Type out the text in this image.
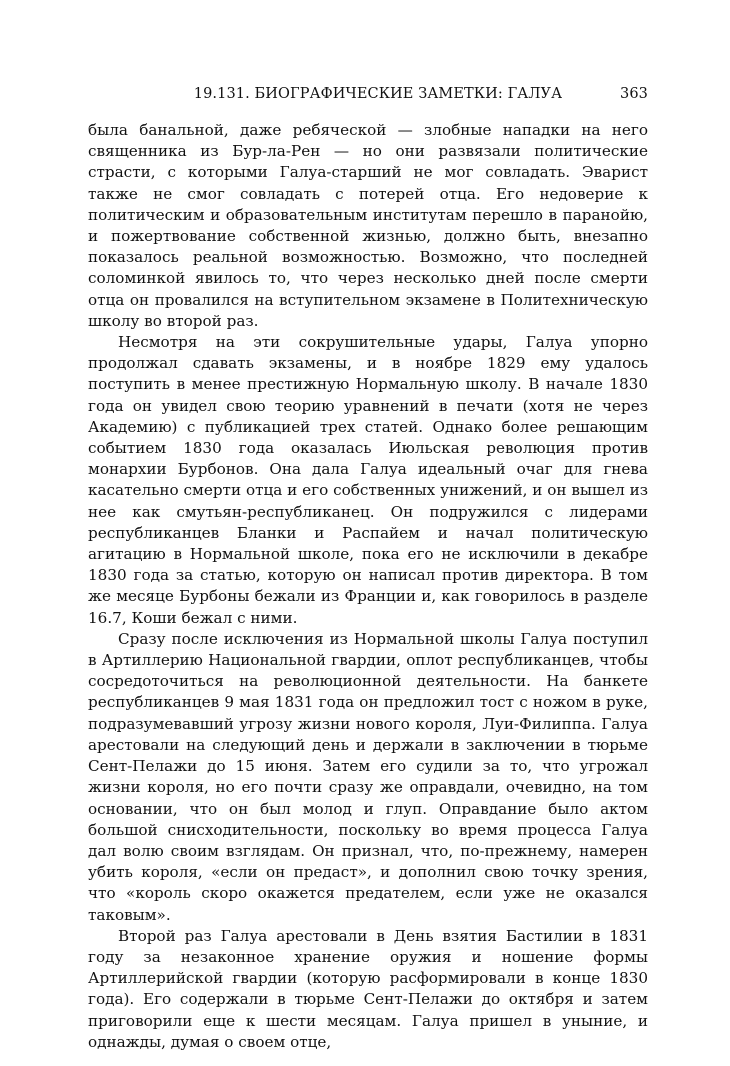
19.131. БИОГРАФИЧЕСКИЕ ЗАМЕТКИ: ГАЛУА	363

была банальной, даже ребяческой — злобные нападки на него священника из Бур-ла-Рен — но они развязали политические страсти, с которыми Галуа-старший не мог совладать. Эварист также не смог совладать с потерей отца. Его недоверие к политическим и образовательным институтам перешло в паранойю, и пожертвование собственной жизнью, должно быть, внезапно показалось реальной возможностью. Возможно, что последней соломинкой явилось то, что через несколько дней после смерти отца он провалился на вступительном экзамене в Политехническую школу во второй раз.

Несмотря на эти сокрушительные удары, Галуа упорно продолжал сдавать экзамены, и в ноябре 1829 ему удалось поступить в менее престижную Нормальную школу. В начале 1830 года он увидел свою теорию уравнений в печати (хотя не через Академию) с публикацией трех статей. Однако более решающим событием 1830 года оказалась Июльская революция против монархии Бурбонов. Она дала Галуа идеальный очаг для гнева касательно смерти отца и его собственных унижений, и он вышел из нее как смутьян-республиканец. Он подружился с лидерами республиканцев Бланки и Распайем и начал политическую агитацию в Нормальной школе, пока его не исключили в декабре 1830 года за статью, которую он написал против директора. В том же месяце Бурбоны бежали из Франции и, как говорилось в разделе 16.7, Коши бежал с ними.

Сразу после исключения из Нормальной школы Галуа поступил в Артиллерию Национальной гвардии, оплот республиканцев, чтобы сосредоточиться на революционной деятельности. На банкете республиканцев 9 мая 1831 года он предложил тост с ножом в руке, подразумевавший угрозу жизни нового короля, Луи-Филиппа. Галуа арестовали на следующий день и держали в заключении в тюрьме Сент-Пелажи до 15 июня. Затем его судили за то, что угрожал жизни короля, но его почти сразу же оправдали, очевидно, на том основании, что он был молод и глуп. Оправдание было актом большой снисходительности, поскольку во время процесса Галуа дал волю своим взглядам. Он признал, что, по-прежнему, намерен убить короля, «если он предаст», и дополнил свою точку зрения, что «король скоро окажется предателем, если уже не оказался таковым».

Второй раз Галуа арестовали в День взятия Бастилии в 1831 году за незаконное хранение оружия и ношение формы Артиллерийской гвардии (которую расформировали в конце 1830 года). Его содержали в тюрьме Сент-Пелажи до октября и затем приговорили еще к шести месяцам. Галуа пришел в уныние, и однажды, думая о своем отце,
